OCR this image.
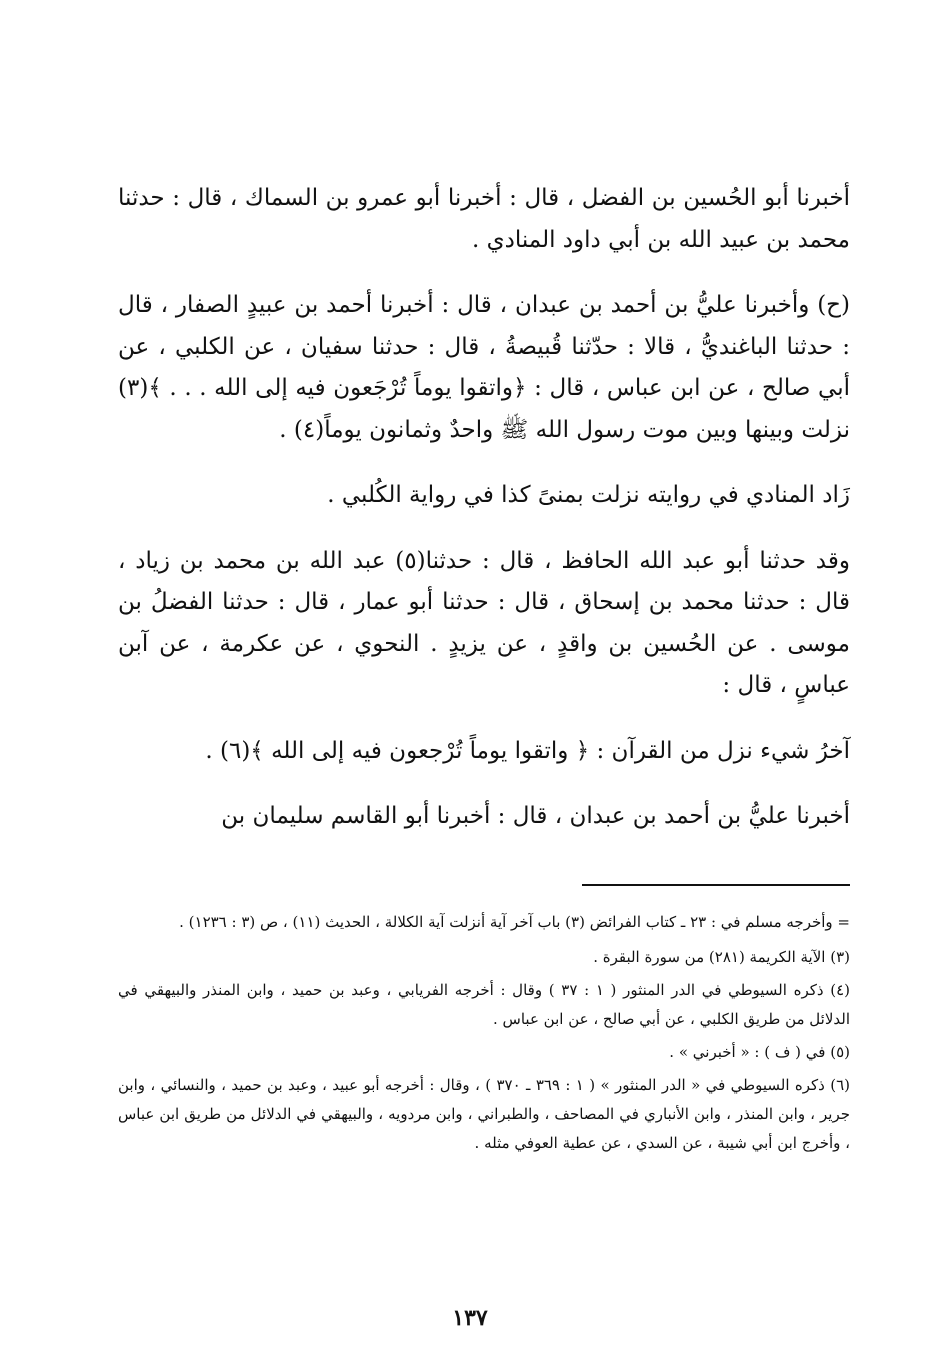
أخبرنا أبو الحُسين بن الفضل ، قال : أخبرنا أبو عمرو بن السماك ، قال : حدثنا محمد بن عبيد الله بن أبي داود المنادي .

(ح) وأخبرنا عليُّ بن أحمد بن عبدان ، قال : أخبرنا أحمد بن عبيدٍ الصفار ، قال : حدثنا الباغنديُّ ، قالا : حدّثنا قُبيصةُ ، قال : حدثنا سفيان ، عن الكلبي ، عن أبي صالح ، عن ابن عباس ، قال : ﴿واتقوا يوماً تُرْجَعون فيه إلى الله . . . ﴾(٣) نزلت وبينها وبين موت رسول الله ﷺ واحدٌ وثمانون يوماً(٤) .

زَاد المنادي في روايته نزلت بمنىً كذا في رواية الكُلبي .

وقد حدثنا أبو عبد الله الحافظ ، قال : حدثنا(٥) عبد الله بن محمد بن زياد ، قال : حدثنا محمد بن إسحاق ، قال : حدثنا أبو عمار ، قال : حدثنا الفضلُ بن موسى . عن الحُسين بن واقدٍ ، عن يزيدٍ . النحوي ، عن عكرمة ، عن آبن عباسٍ ، قال :

آخرُ شيء نزل من القرآن : ﴿ واتقوا يوماً تُرْجعون فيه إلى الله ﴾(٦) .

أخبرنا عليُّ بن أحمد بن عبدان ، قال : أخبرنا أبو القاسم سليمان بن

= وأخرجه مسلم في : ٢٣ ـ كتاب الفرائض (٣) باب آخر آية أنزلت آية الكلالة ، الحديث (١١) ، ص (٣ : ١٢٣٦) .

(٣) الآية الكريمة (٢٨١) من سورة البقرة .

(٤) ذكره السيوطي في الدر المنثور ( ١ : ٣٧ ) وقال : أخرجه الفريابي ، وعبد بن حميد ، وابن المنذر والبيهقي في الدلائل من طريق الكلبي ، عن أبي صالح ، عن ابن عباس .

(٥) في ( ف ) : « أخبرني » .

(٦) ذكره السيوطي في « الدر المنثور » ( ١ : ٣٦٩ ـ ٣٧٠ ) ، وقال : أخرجه أبو عبيد ، وعبد بن حميد ، والنسائي ، وابن جرير ، وابن المنذر ، وابن الأنباري في المصاحف ، والطبراني ، وابن مردويه ، والبيهقي في الدلائل من طريق ابن عباس ، وأخرج ابن أبي شيبة ، عن السدي ، عن عطية العوفي مثله .

١٣٧
